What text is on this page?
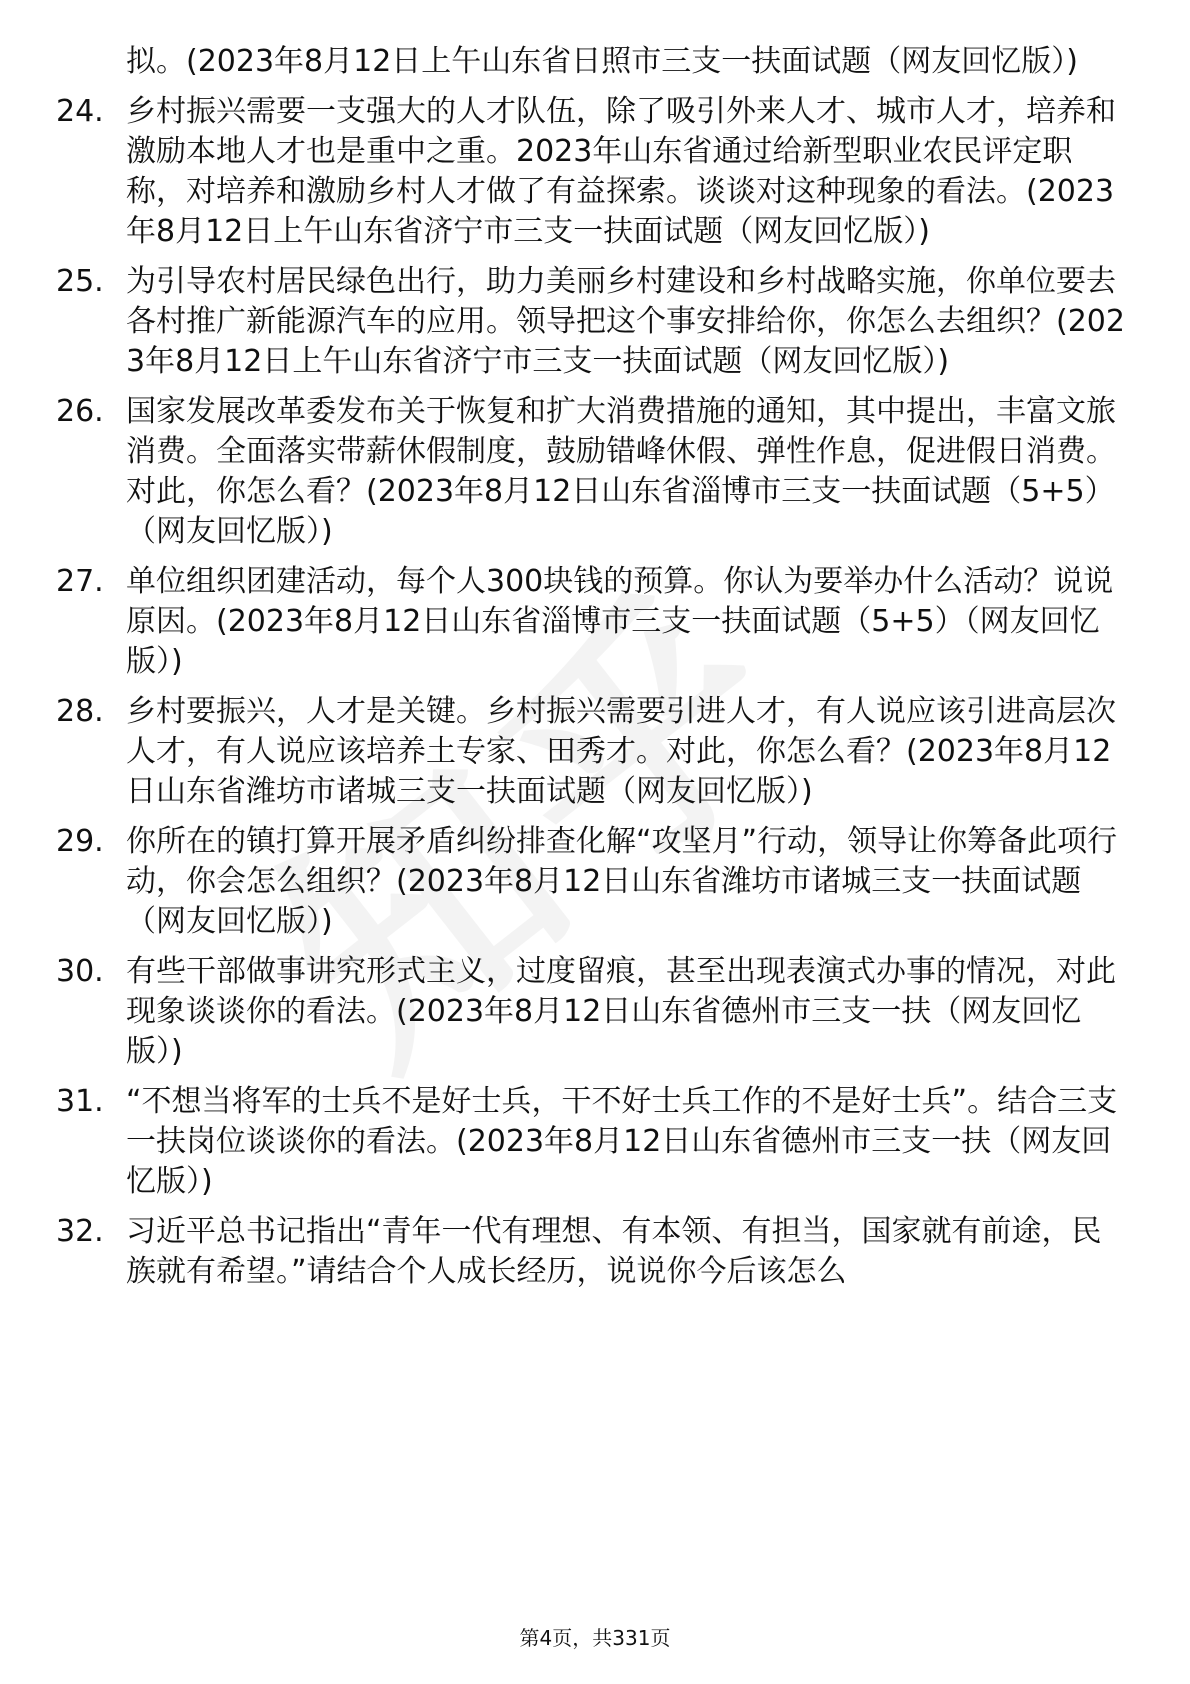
拟。(2023年8月12日上午山东省日照市三支一扶面试题（网友回忆版）)
24. 乡村振兴需要一支强大的人才队伍，除了吸引外来人才、城市人才，培养和激励本地人才也是重中之重。2023年山东省通过给新型职业农民评定职称，对培养和激励乡村人才做了有益探索。谈谈对这种现象的看法。(2023年8月12日上午山东省济宁市三支一扶面试题（网友回忆版）)
25. 为引导农村居民绿色出行，助力美丽乡村建设和乡村战略实施，你单位要去各村推广新能源汽车的应用。领导把这个事安排给你，你怎么去组织？(2023年8月12日上午山东省济宁市三支一扶面试题（网友回忆版）)
26. 国家发展改革委发布关于恢复和扩大消费措施的通知，其中提出，丰富文旅消费。全面落实带薪休假制度，鼓励错峰休假、弹性作息，促进假日消费。对此，你怎么看？(2023年8月12日山东省淄博市三支一扶面试题（5+5）（网友回忆版）)
27. 单位组织团建活动，每个人300块钱的预算。你认为要举办什么活动？说说原因。(2023年8月12日山东省淄博市三支一扶面试题（5+5）（网友回忆版）)
28. 乡村要振兴，人才是关键。乡村振兴需要引进人才，有人说应该引进高层次人才，有人说应该培养土专家、田秀才。对此，你怎么看？(2023年8月12日山东省潍坊市诸城三支一扶面试题（网友回忆版）)
29. 你所在的镇打算开展矛盾纠纷排查化解“攻坚月”行动，领导让你筹备此项行动，你会怎么组织？(2023年8月12日山东省潍坊市诸城三支一扶面试题（网友回忆版）)
30. 有些干部做事讲究形式主义，过度留痕，甚至出现表演式办事的情况，对此现象谈谈你的看法。(2023年8月12日山东省德州市三支一扶（网友回忆版）)
31. “不想当将军的士兵不是好士兵，干不好士兵工作的不是好士兵”。结合三支一扶岗位谈谈你的看法。(2023年8月12日山东省德州市三支一扶（网友回忆版）)
32. 习近平总书记指出“青年一代有理想、有本领、有担当，国家就有前途，民族就有希望。”请结合个人成长经历，说说你今后该怎么
第4页，共331页
